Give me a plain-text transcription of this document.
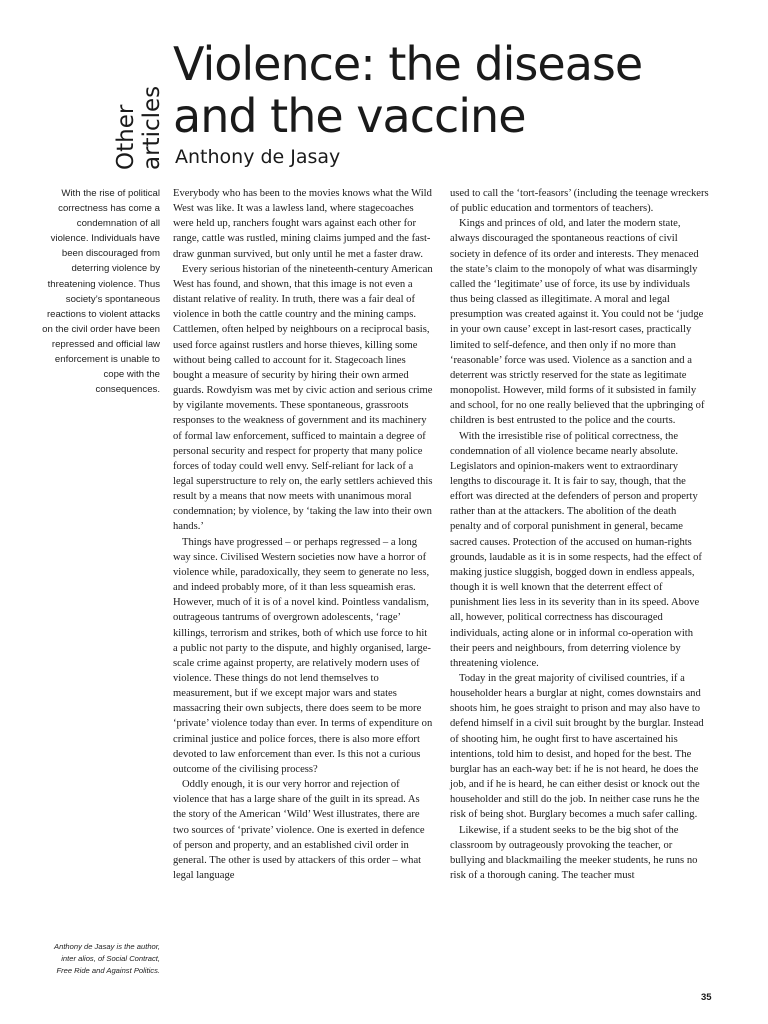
Other articles
Violence: the disease
and the vaccine
Anthony de Jasay
With the rise of political correctness has come a condemnation of all violence. Individuals have been discouraged from deterring violence by threatening violence. Thus society’s spontaneous reactions to violent attacks on the civil order have been repressed and official law enforcement is unable to cope with the consequences.
Anthony de Jasay is the author,
inter alios, of Social Contract,
Free Ride and Against Politics.

Everybody who has been to the movies knows what the Wild West was like. It was a lawless land, where stagecoaches were held up, ranchers fought wars against each other for range, cattle was rustled, mining claims jumped and the fast-draw gunman survived, but only until he met a faster draw.

Every serious historian of the nineteenth-century American West has found, and shown, that this image is not even a distant relative of reality. In truth, there was a fair deal of violence in both the cattle country and the mining camps. Cattlemen, often helped by neighbours on a reciprocal basis, used force against rustlers and horse thieves, killing some without being called to account for it. Stagecoach lines bought a measure of security by hiring their own armed guards. Rowdyism was met by civic action and serious crime by vigilante movements. These spontaneous, grassroots responses to the weakness of government and its machinery of formal law enforcement, sufficed to maintain a degree of personal security and respect for property that many police forces of today could well envy. Self-reliant for lack of a legal superstructure to rely on, the early settlers achieved this result by a means that now meets with unanimous moral condemnation; by violence, by ‘taking the law into their own hands.’

Things have progressed – or perhaps regressed – a long way since. Civilised Western societies now have a horror of violence while, paradoxically, they seem to generate no less, and indeed probably more, of it than less squeamish eras. However, much of it is of a novel kind. Pointless vandalism, outrageous tantrums of overgrown adolescents, ‘rage’ killings, terrorism and strikes, both of which use force to hit a public not party to the dispute, and highly organised, large-scale crime against property, are relatively modern uses of violence. These things do not lend themselves to measurement, but if we except major wars and states massacring their own subjects, there does seem to be more ‘private’ violence today than ever. In terms of expenditure on criminal justice and police forces, there is also more effort devoted to law enforcement than ever. Is this not a curious outcome of the civilising process?

Oddly enough, it is our very horror and rejection of violence that has a large share of the guilt in its spread. As the story of the American ‘Wild’ West illustrates, there are two sources of ‘private’ violence. One is exerted in defence of person and property, and an established civil order in general. The other is used by attackers of this order – what legal language

used to call the ‘tort-feasors’ (including the teenage wreckers of public education and tormentors of teachers).

Kings and princes of old, and later the modern state, always discouraged the spontaneous reactions of civil society in defence of its order and interests. They menaced the state’s claim to the monopoly of what was disarmingly called the ‘legitimate’ use of force, its use by individuals thus being classed as illegitimate. A moral and legal presumption was created against it. You could not be ‘judge in your own cause’ except in last-resort cases, practically limited to self-defence, and then only if no more than ‘reasonable’ force was used. Violence as a sanction and a deterrent was strictly reserved for the state as legitimate monopolist. However, mild forms of it subsisted in family and school, for no one really believed that the upbringing of children is best entrusted to the police and the courts.

With the irresistible rise of political correctness, the condemnation of all violence became nearly absolute. Legislators and opinion-makers went to extraordinary lengths to discourage it. It is fair to say, though, that the effort was directed at the defenders of person and property rather than at the attackers. The abolition of the death penalty and of corporal punishment in general, became sacred causes. Protection of the accused on human-rights grounds, laudable as it is in some respects, had the effect of making justice sluggish, bogged down in endless appeals, though it is well known that the deterrent effect of punishment lies less in its severity than in its speed. Above all, however, political correctness has discouraged individuals, acting alone or in informal co-operation with their peers and neighbours, from deterring violence by threatening violence.

Today in the great majority of civilised countries, if a householder hears a burglar at night, comes downstairs and shoots him, he goes straight to prison and may also have to defend himself in a civil suit brought by the burglar. Instead of shooting him, he ought first to have ascertained his intentions, told him to desist, and hoped for the best. The burglar has an each-way bet: if he is not heard, he does the job, and if he is heard, he can either desist or knock out the householder and still do the job. In neither case runs he the risk of being shot. Burglary becomes a much safer calling.

Likewise, if a student seeks to be the big shot of the classroom by outrageously provoking the teacher, or bullying and blackmailing the meeker students, he runs no risk of a thorough caning. The teacher must

35
